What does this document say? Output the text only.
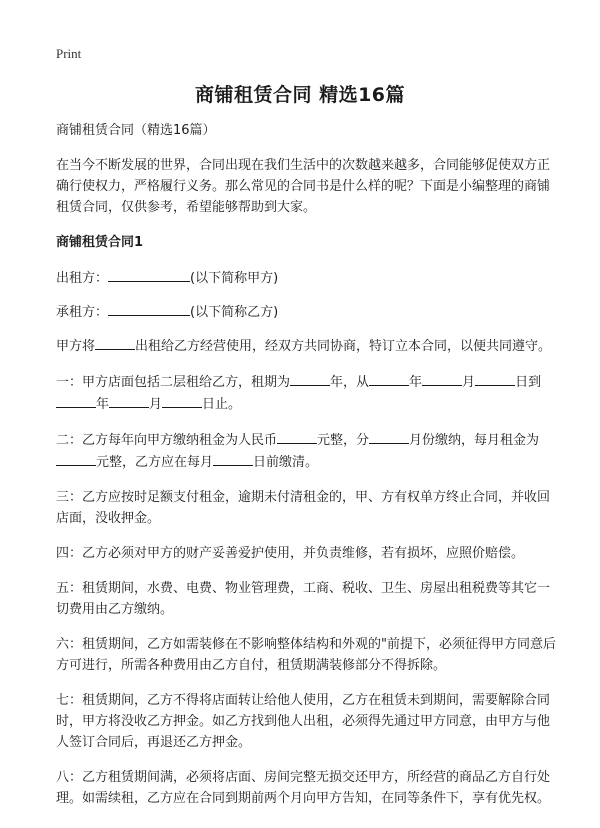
Print
商铺租赁合同 精选16篇

商铺租赁合同（精选16篇）

在当今不断发展的世界，合同出现在我们生活中的次数越来越多，合同能够促使双方正确行使权力，严格履行义务。那么常见的合同书是什么样的呢？下面是小编整理的商铺租赁合同，仅供参考，希望能够帮助到大家。

商铺租赁合同1

出租方：	(以下简称甲方)

承租方：	(以下简称乙方)

甲方将	出租给乙方经营使用，经双方共同协商，特订立本合同，以便共同遵守。

一：甲方店面包括二层租给乙方，租期为	年，从	年	月	日到年	月	日止。

二：乙方每年向甲方缴纳租金为人民币	元整，分	月份缴纳，每月租金为元整，乙方应在每月	日前缴清。

三：乙方应按时足额支付租金，逾期未付清租金的，甲、方有权单方终止合同，并收回店面，没收押金。

四：乙方必须对甲方的财产妥善爱护使用，并负责维修，若有损坏，应照价赔偿。

五：租赁期间，水费、电费、物业管理费，工商、税收、卫生、房屋出租税费等其它一切费用由乙方缴纳。

六：租赁期间，乙方如需装修在不影响整体结构和外观的"前提下，必须征得甲方同意后方可进行，所需各种费用由乙方自付，租赁期满装修部分不得拆除。

七：租赁期间，乙方不得将店面转让给他人使用，乙方在租赁未到期间，需要解除合同时，甲方将没收乙方押金。如乙方找到他人出租，必须得先通过甲方同意，由甲方与他人签订合同后，再退还乙方押金。

八：乙方租赁期间满，必须将店面、房间完整无损交还甲方，所经营的商品乙方自行处理。如需续租，乙方应在合同到期前两个月向甲方告知，在同等条件下，享有优先权。
